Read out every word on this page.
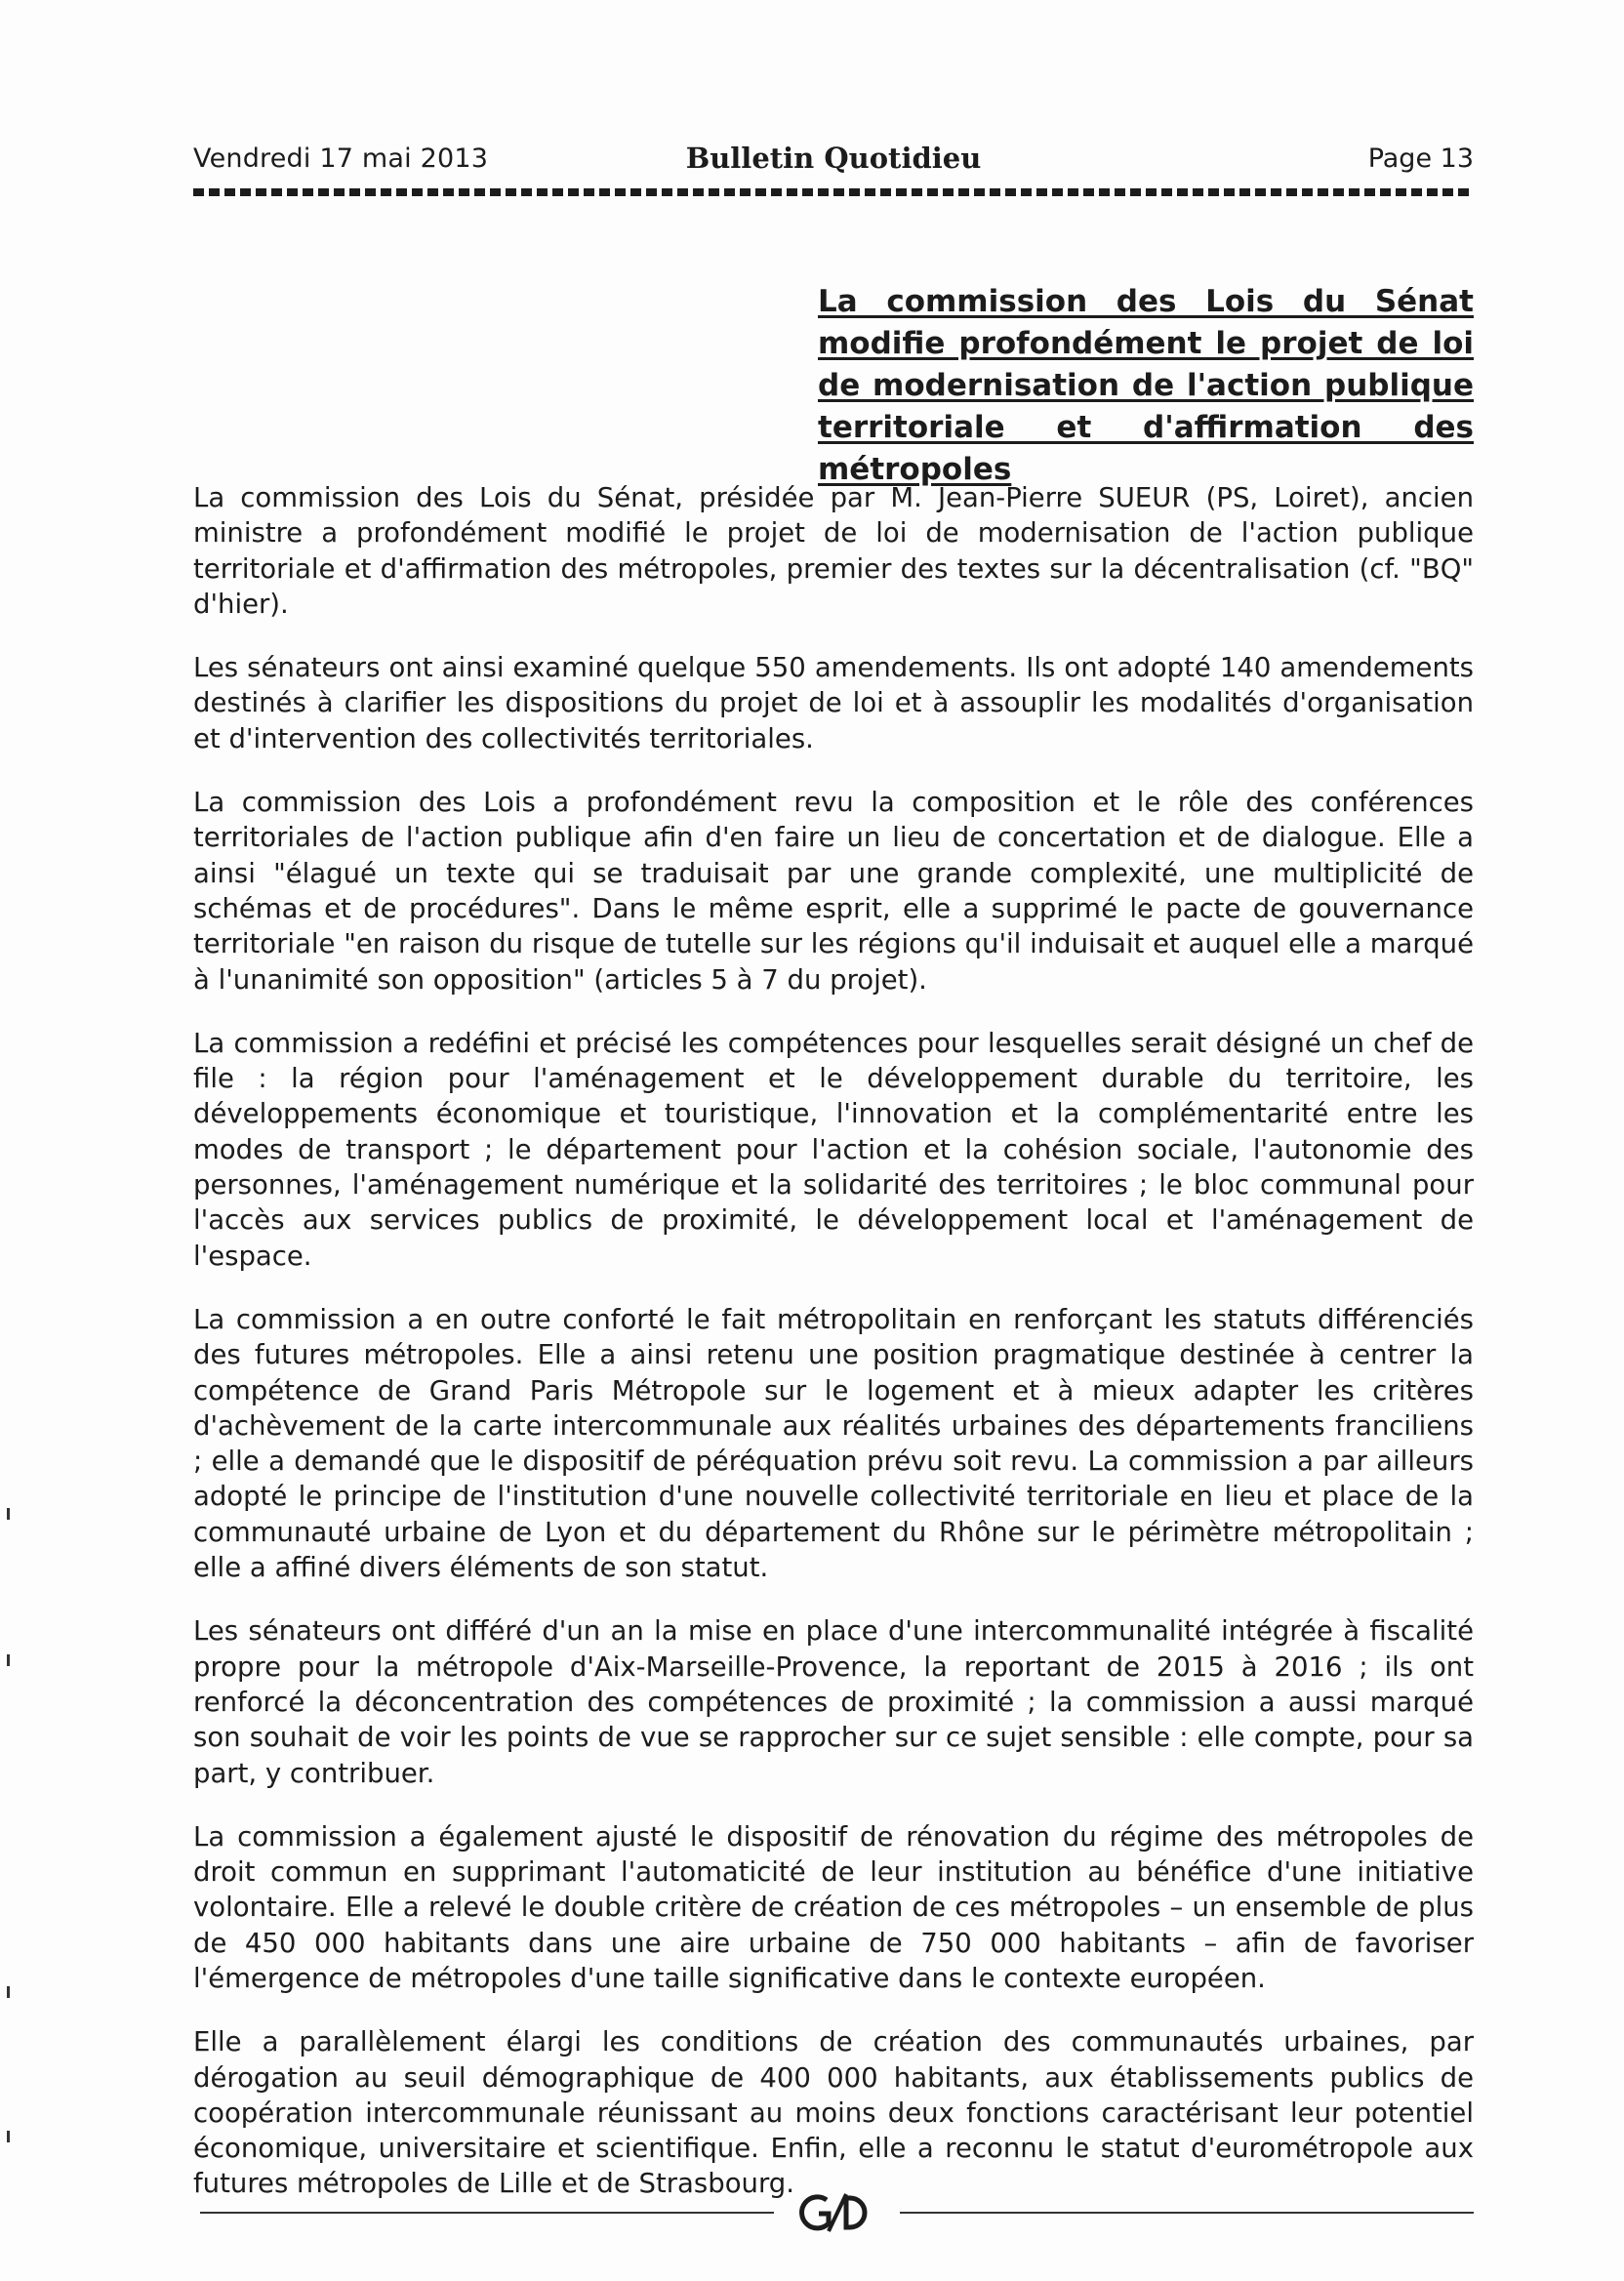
Vendredi 17 mai 2013	Bulletin Quotidieu	Page 13
La commission des Lois du Sénat modifie profondément le projet de loi de modernisation de l'action publique territoriale et d'affirmation des métropoles

La commission des Lois du Sénat, présidée par M. Jean-Pierre SUEUR (PS, Loiret), ancien ministre a profondément modifié le projet de loi de modernisation de l'action publique territoriale et d'affirmation des métropoles, premier des textes sur la décentralisation (cf. "BQ" d'hier).

Les sénateurs ont ainsi examiné quelque 550 amendements. Ils ont adopté 140 amendements destinés à clarifier les dispositions du projet de loi et à assouplir les modalités d'organisation et d'intervention des collectivités territoriales.

La commission des Lois a profondément revu la composition et le rôle des conférences territoriales de l'action publique afin d'en faire un lieu de concertation et de dialogue. Elle a ainsi "élagué un texte qui se traduisait par une grande complexité, une multiplicité de schémas et de procédures". Dans le même esprit, elle a supprimé le pacte de gouvernance territoriale "en raison du risque de tutelle sur les régions qu'il induisait et auquel elle a marqué à l'unanimité son opposition" (articles 5 à 7 du projet).

La commission a redéfini et précisé les compétences pour lesquelles serait désigné un chef de file : la région pour l'aménagement et le développement durable du territoire, les développements économique et touristique, l'innovation et la complémentarité entre les modes de transport ; le département pour l'action et la cohésion sociale, l'autonomie des personnes, l'aménagement numérique et la solidarité des territoires ; le bloc communal pour l'accès aux services publics de proximité, le développement local et l'aménagement de l'espace.

La commission a en outre conforté le fait métropolitain en renforçant les statuts différenciés des futures métropoles. Elle a ainsi retenu une position pragmatique destinée à centrer la compétence de Grand Paris Métropole sur le logement et à mieux adapter les critères d'achèvement de la carte intercommunale aux réalités urbaines des départements franciliens ; elle a demandé que le dispositif de péréquation prévu soit revu. La commission a par ailleurs adopté le principe de l'institution d'une nouvelle collectivité territoriale en lieu et place de la communauté urbaine de Lyon et du département du Rhône sur le périmètre métropolitain ; elle a affiné divers éléments de son statut.

Les sénateurs ont différé d'un an la mise en place d'une intercommunalité intégrée à fiscalité propre pour la métropole d'Aix-Marseille-Provence, la reportant de 2015 à 2016 ; ils ont renforcé la déconcentration des compétences de proximité ; la commission a aussi marqué son souhait de voir les points de vue se rapprocher sur ce sujet sensible : elle compte, pour sa part, y contribuer.

La commission a également ajusté le dispositif de rénovation du régime des métropoles de droit commun en supprimant l'automaticité de leur institution au bénéfice d'une initiative volontaire. Elle a relevé le double critère de création de ces métropoles – un ensemble de plus de 450 000 habitants dans une aire urbaine de 750 000 habitants – afin de favoriser l'émergence de métropoles d'une taille significative dans le contexte européen.

Elle a parallèlement élargi les conditions de création des communautés urbaines, par dérogation au seuil démographique de 400 000 habitants, aux établissements publics de coopération intercommunale réunissant au moins deux fonctions caractérisant leur potentiel économique, universitaire et scientifique. Enfin, elle a reconnu le statut d'eurométropole aux futures métropoles de Lille et de Strasbourg.
